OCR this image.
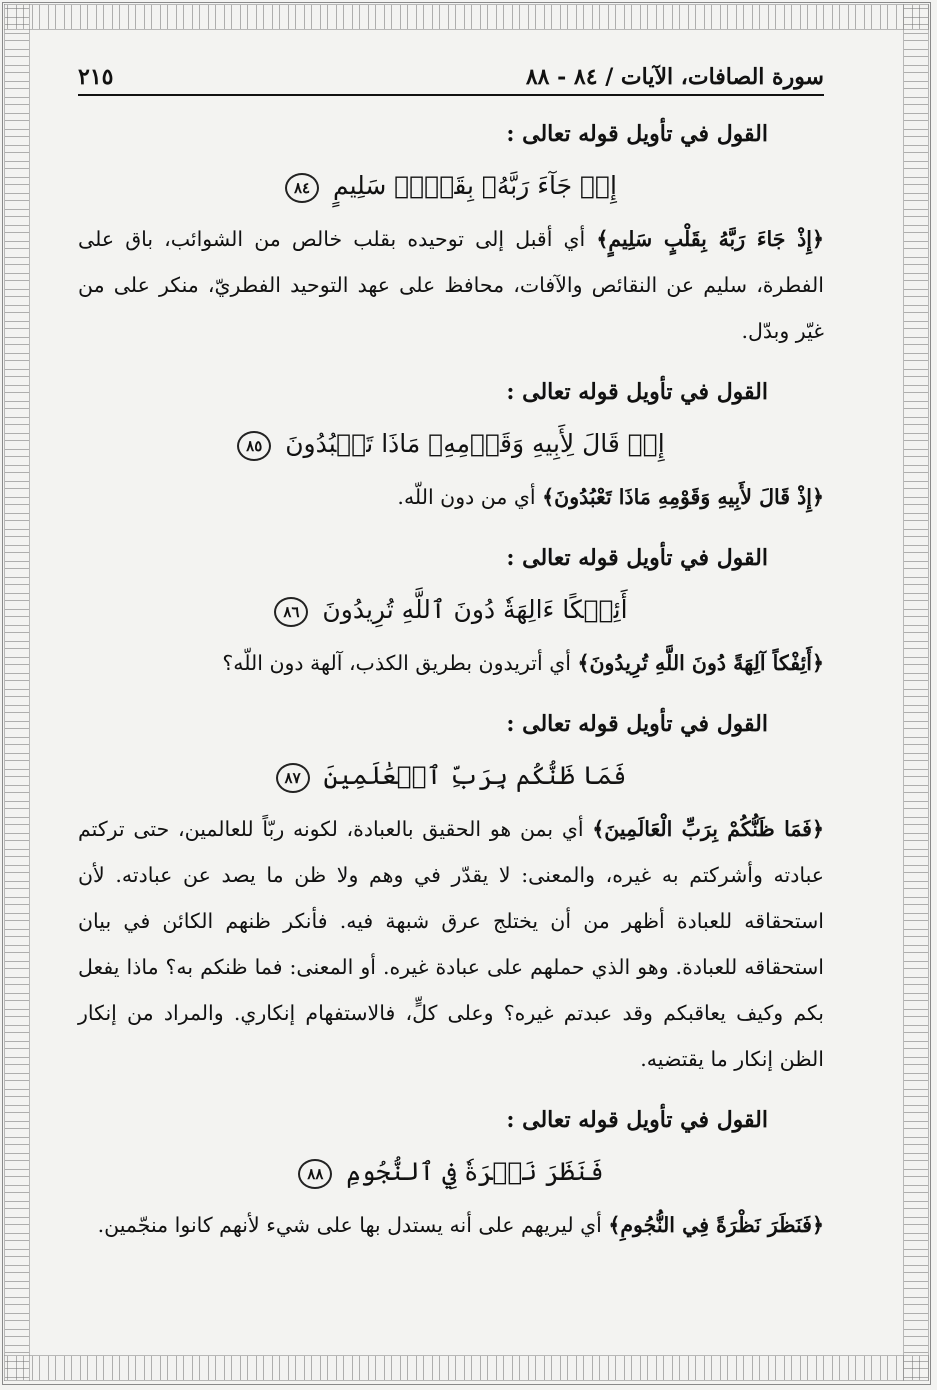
سورة الصافات، الآيات / ٨٤ - ٨٨
٢١٥
القول في تأويل قوله تعالى :
إِذۡ جَآءَ رَبَّهُۥ بِقَلۡبٖ سَلِيمٍ ٨٤

﴿إِذْ جَاءَ رَبَّهُ بِقَلْبٍ سَلِيمٍ﴾ أي أقبل إلى توحيده بقلب خالص من الشوائب، باق على الفطرة، سليم عن النقائص والآفات، محافظ على عهد التوحيد الفطريّ، منكر على من غيّر وبدّل.

القول في تأويل قوله تعالى :
إِذۡ قَالَ لِأَبِيهِ وَقَوۡمِهِۦ مَاذَا تَعۡبُدُونَ ٨٥

﴿إِذْ قَالَ لأَبِيهِ وَقَوْمِهِ مَاذَا تَعْبُدُونَ﴾ أي من دون اللّه.

القول في تأويل قوله تعالى :
أَئِفۡكًا ءَالِهَةٗ دُونَ ٱللَّهِ تُرِيدُونَ ٨٦

﴿أَئِفْكاً آلِهَةً دُونَ اللَّهِ تُرِيدُونَ﴾ أي أتريدون بطريق الكذب، آلهة دون اللّه؟

القول في تأويل قوله تعالى :
فَمَا ظَنُّكُم بِرَبِّ ٱلۡعَٰلَمِينَ ٨٧

﴿فَمَا ظَنُّكُمْ بِرَبِّ الْعَالَمِينَ﴾ أي بمن هو الحقيق بالعبادة، لكونه ربّاً للعالمين، حتى تركتم عبادته وأشركتم به غيره، والمعنى: لا يقدّر في وهم ولا ظن ما يصد عن عبادته. لأن استحقاقه للعبادة أظهر من أن يختلج عرق شبهة فيه. فأنكر ظنهم الكائن في بيان استحقاقه للعبادة. وهو الذي حملهم على عبادة غيره. أو المعنى: فما ظنكم به؟ ماذا يفعل بكم وكيف يعاقبكم وقد عبدتم غيره؟ وعلى كلٍّ، فالاستفهام إنكاري. والمراد من إنكار الظن إنكار ما يقتضيه.

القول في تأويل قوله تعالى :
فَنَظَرَ نَظۡرَةٗ فِي ٱلنُّجُومِ ٨٨

﴿فَنَظَرَ نَظْرَةً فِي النُّجُومِ﴾ أي ليريهم على أنه يستدل بها على شيء لأنهم كانوا منجّمين.
